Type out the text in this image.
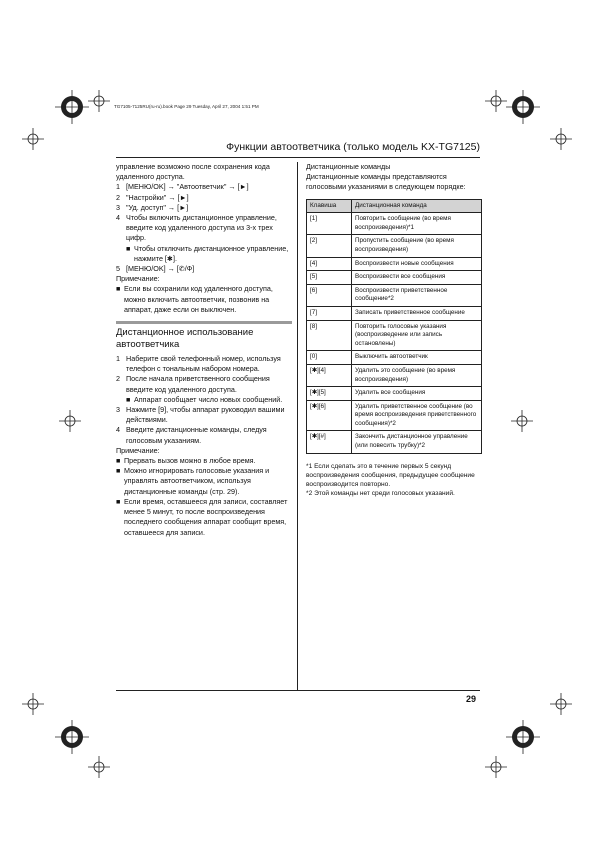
TG7105-7125RU(ru-ru).book Page 29 Tuesday, April 27, 2004 1:51 PM
Функции автоответчика (только модель KX-TG7125)

управление возможно после сохранения кода удаленного доступа.

1 [МЕНЮ/OK] → "Автоответчик" → [►]
2 "Настройки" → [►]
3 "Уд. доступ" → [►]
4 Чтобы включить дистанционное управление, введите код удаленного доступа из 3-х трех цифр.
■ Чтобы отключить дистанционное управление, нажмите [✱].
5 [МЕНЮ/OK] → [✆/Ф]

Примечание:

■ Если вы сохранили код удаленного доступа, можно включить автоответчик, позвонив на аппарат, даже если он выключен.
Дистанционное использование автоответчика
1 Наберите свой телефонный номер, используя телефон с тональным набором номера.
2 После начала приветственного сообщения введите код удаленного доступа.
■ Аппарат сообщает число новых сообщений.
3 Нажмите [9], чтобы аппарат руководил вашими действиями.
4 Введите дистанционные команды, следуя голосовым указаниям.

Примечание:

■ Прервать вызов можно в любое время.
■ Можно игнорировать голосовые указания и управлять автоответчиком, используя дистанционные команды (стр. 29).
■ Если время, оставшееся для записи, составляет менее 5 минут, то после воспроизведения последнего сообщения аппарат сообщит время, оставшееся для записи.

Дистанционные команды

Дистанционные команды представляются голосовыми указаниями в следующем порядке:

Клавиша	Дистанционная команда
[1]	Повторить сообщение (во время воспроизведения)*1
[2]	Пропустить сообщение (во время воспроизведения)
[4]	Воспроизвести новые сообщения
[5]	Воспроизвести все сообщения
[6]	Воспроизвести приветственное сообщение*2
[7]	Записать приветственное сообщение
[8]	Повторить голосовые указания (воспроизведение или запись остановлены)
[0]	Выключить автоответчик
[✱][4]	Удалить это сообщение (во время воспроизведения)
[✱][5]	Удалить все сообщения
[✱][6]	Удалить приветственное сообщение (во время воспроизведения приветственного сообщения)*2
[✱][#]	Закончить дистанционное управление (или повесить трубку)*2

*1 Если сделать это в течение первых 5 секунд воспроизведения сообщения, предыдущее сообщение воспроизводится повторно.

*2 Этой команды нет среди голосовых указаний.

29
